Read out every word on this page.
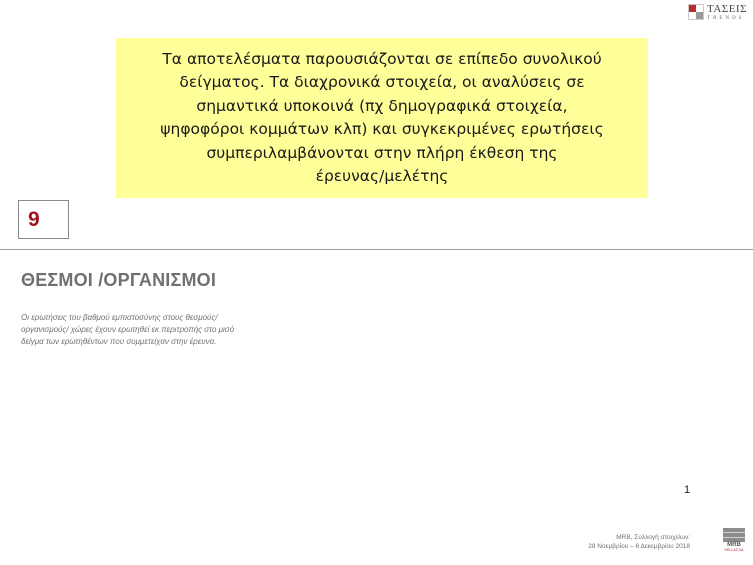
ΤΑΣΕΙΣ
TRENDS
Τα αποτελέσματα παρουσιάζονται σε επίπεδο συνολικού
δείγματος. Τα διαχρονικά στοιχεία, οι αναλύσεις σε
σημαντικά υποκοινά (πχ δημογραφικά στοιχεία,
ψηφοφόροι κομμάτων κλπ) και συγκεκριμένες ερωτήσεις
συμπεριλαμβάνονται στην πλήρη έκθεση της
έρευνας/μελέτης
9
ΘΕΣΜΟΙ /ΟΡΓΑΝΙΣΜΟΙ
Οι ερωτήσεις του βαθμού εμπιστοσύνης στους θεσμούς/
οργανισμούς/ χώρες έχουν ερωτηθεί εκ περιτροπής στο μισό
δείγμα των ερωτηθέντων που συμμετείχαν στην έρευνα.
1
MRB, Συλλογή στοιχείων:
28 Νοεμβρίου – 6 Δεκεμβρίου 2018	MRB
HELLAS SA
